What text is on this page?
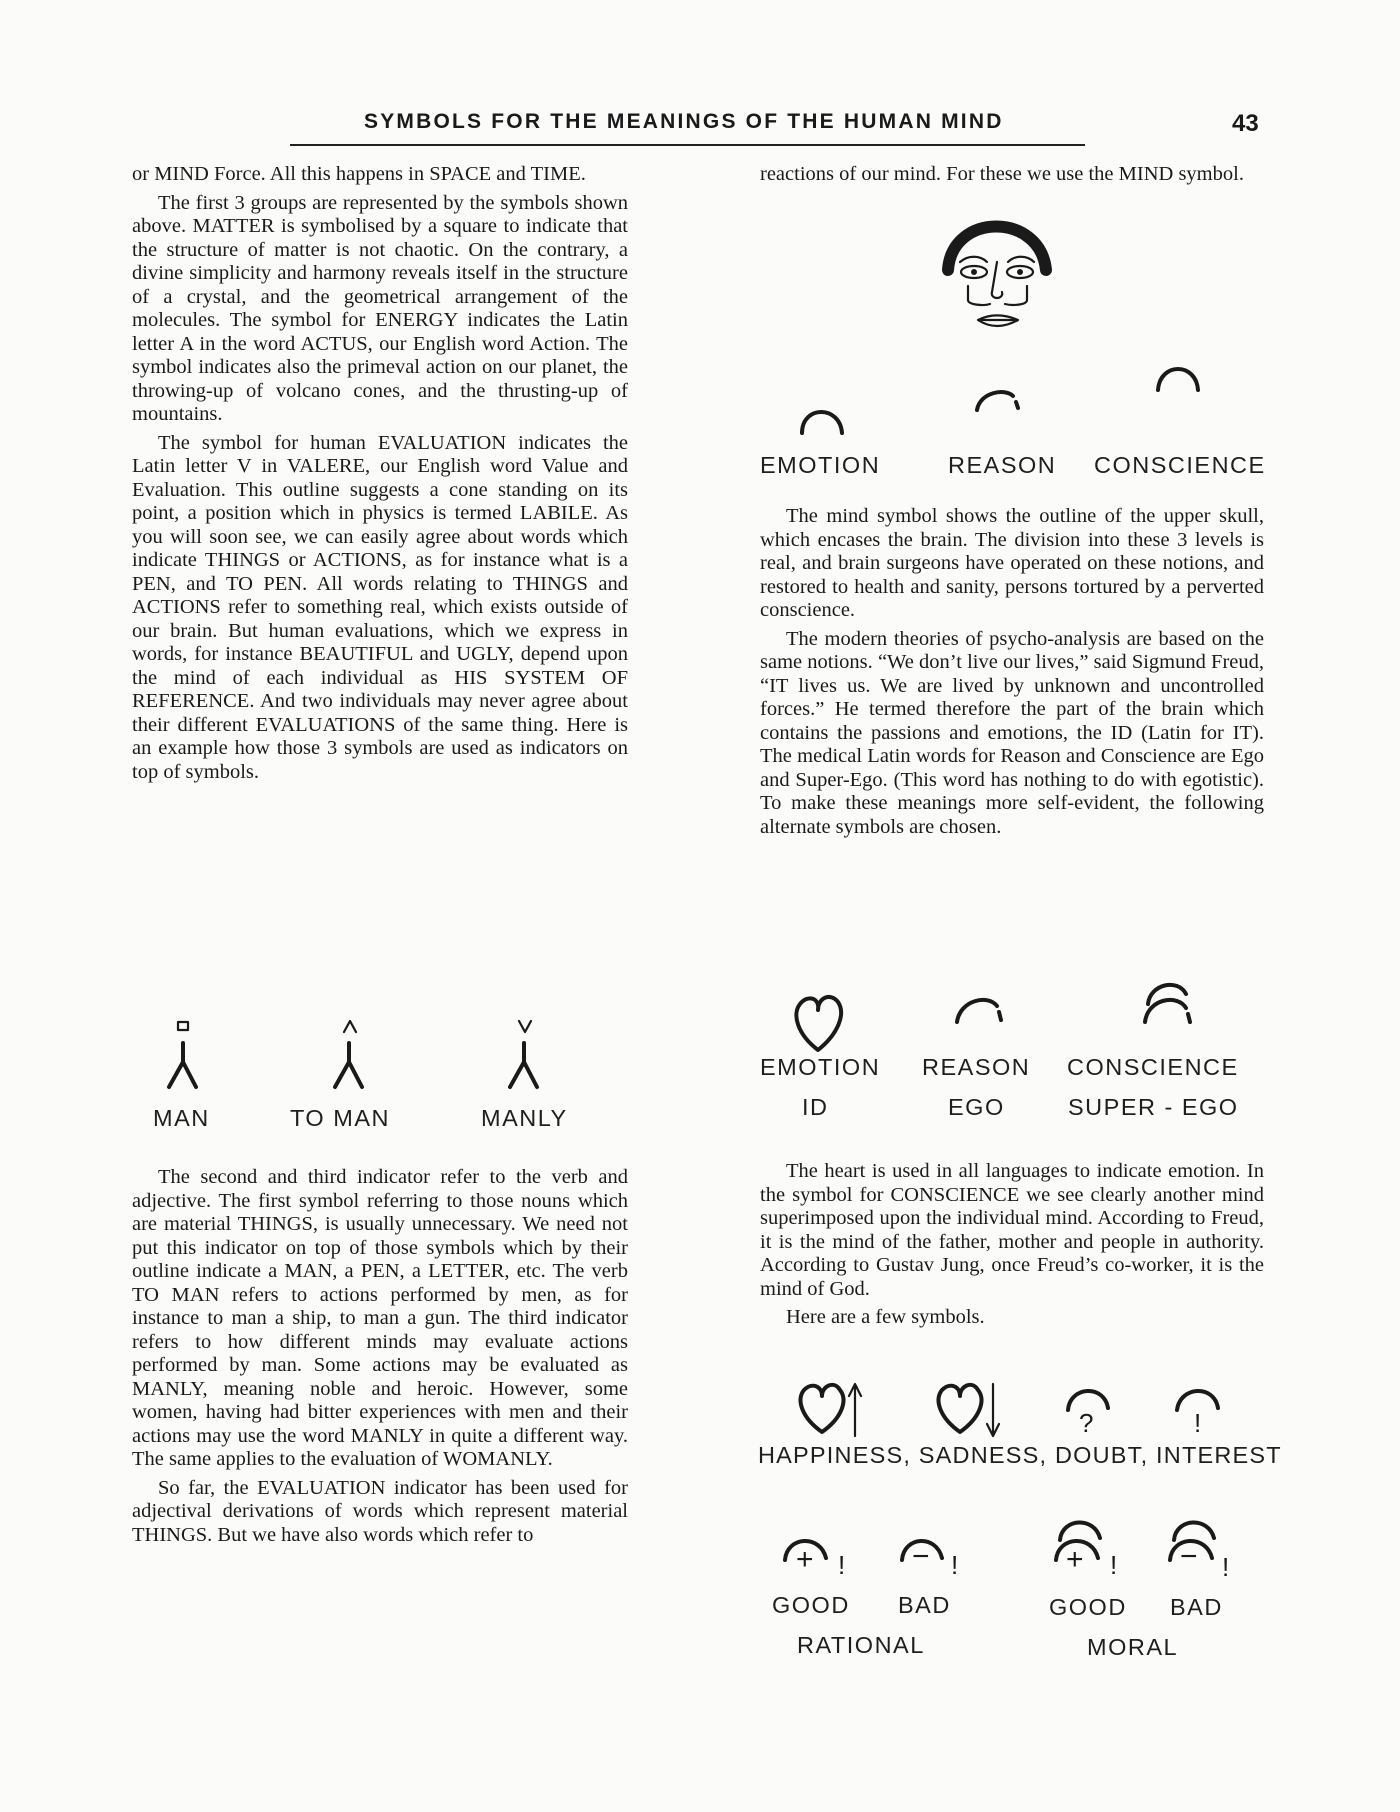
SYMBOLS FOR THE MEANINGS OF THE HUMAN MIND	43

or MIND Force. All this happens in SPACE and TIME.

The first 3 groups are represented by the symbols shown above. MATTER is symbolised by a square to indicate that the structure of matter is not chaotic. On the contrary, a divine simplicity and harmony reveals itself in the structure of a crystal, and the geometrical arrangement of the molecules. The symbol for ENERGY indicates the Latin letter A in the word ACTUS, our English word Action. The symbol indicates also the primeval action on our planet, the throwing-up of volcano cones, and the thrusting-up of mountains.

The symbol for human EVALUATION indicates the Latin letter V in VALERE, our English word Value and Evaluation. This outline suggests a cone standing on its point, a position which in physics is termed LABILE. As you will soon see, we can easily agree about words which indicate THINGS or ACTIONS, as for instance what is a PEN, and TO PEN. All words relating to THINGS and ACTIONS refer to something real, which exists outside of our brain. But human evaluations, which we express in words, for instance BEAUTIFUL and UGLY, depend upon the mind of each individual as HIS SYSTEM OF REFERENCE. And two individuals may never agree about their different EVALUATIONS of the same thing. Here is an example how those 3 symbols are used as indicators on top of symbols.

MAN	TO MAN	MANLY

The second and third indicator refer to the verb and adjective. The first symbol referring to those nouns which are material THINGS, is usually unnecessary. We need not put this indicator on top of those symbols which by their outline indicate a MAN, a PEN, a LETTER, etc. The verb TO MAN refers to actions performed by men, as for instance to man a ship, to man a gun. The third indicator refers to how different minds may evaluate actions performed by man. Some actions may be evaluated as MANLY, meaning noble and heroic. However, some women, having had bitter experiences with men and their actions may use the word MANLY in quite a different way. The same applies to the evaluation of WOMANLY.

So far, the EVALUATION indicator has been used for adjectival derivations of words which represent material THINGS. But we have also words which refer to

reactions of our mind. For these we use the MIND symbol.

EMOTION	REASON CONSCIENCE

The mind symbol shows the outline of the upper skull, which encases the brain. The division into these 3 levels is real, and brain surgeons have operated on these notions, and restored to health and sanity, persons tortured by a perverted conscience.

The modern theories of psycho-analysis are based on the same notions. “We don’t live our lives,” said Sigmund Freud, “IT lives us. We are lived by unknown and uncontrolled forces.” He termed therefore the part of the brain which contains the passions and emotions, the ID (Latin for IT). The medical Latin words for Reason and Conscience are Ego and Super-Ego. (This word has nothing to do with egotistic). To make these meanings more self-evident, the following alternate symbols are chosen.

EMOTION REASON CONSCIENCE
ID	EGO	SUPER - EGO

The heart is used in all languages to indicate emotion. In the symbol for CONSCIENCE we see clearly another mind superimposed upon the individual mind. According to Freud, it is the mind of the father, mother and people in authority. According to Gustav Jung, once Freud’s co-worker, it is the mind of God.

Here are a few symbols.

?	!
HAPPINESS, SADNESS, DOUBT, INTEREST
+ ! − !	+ ! − !
GOOD BAD	GOOD BAD
RATIONAL	MORAL
